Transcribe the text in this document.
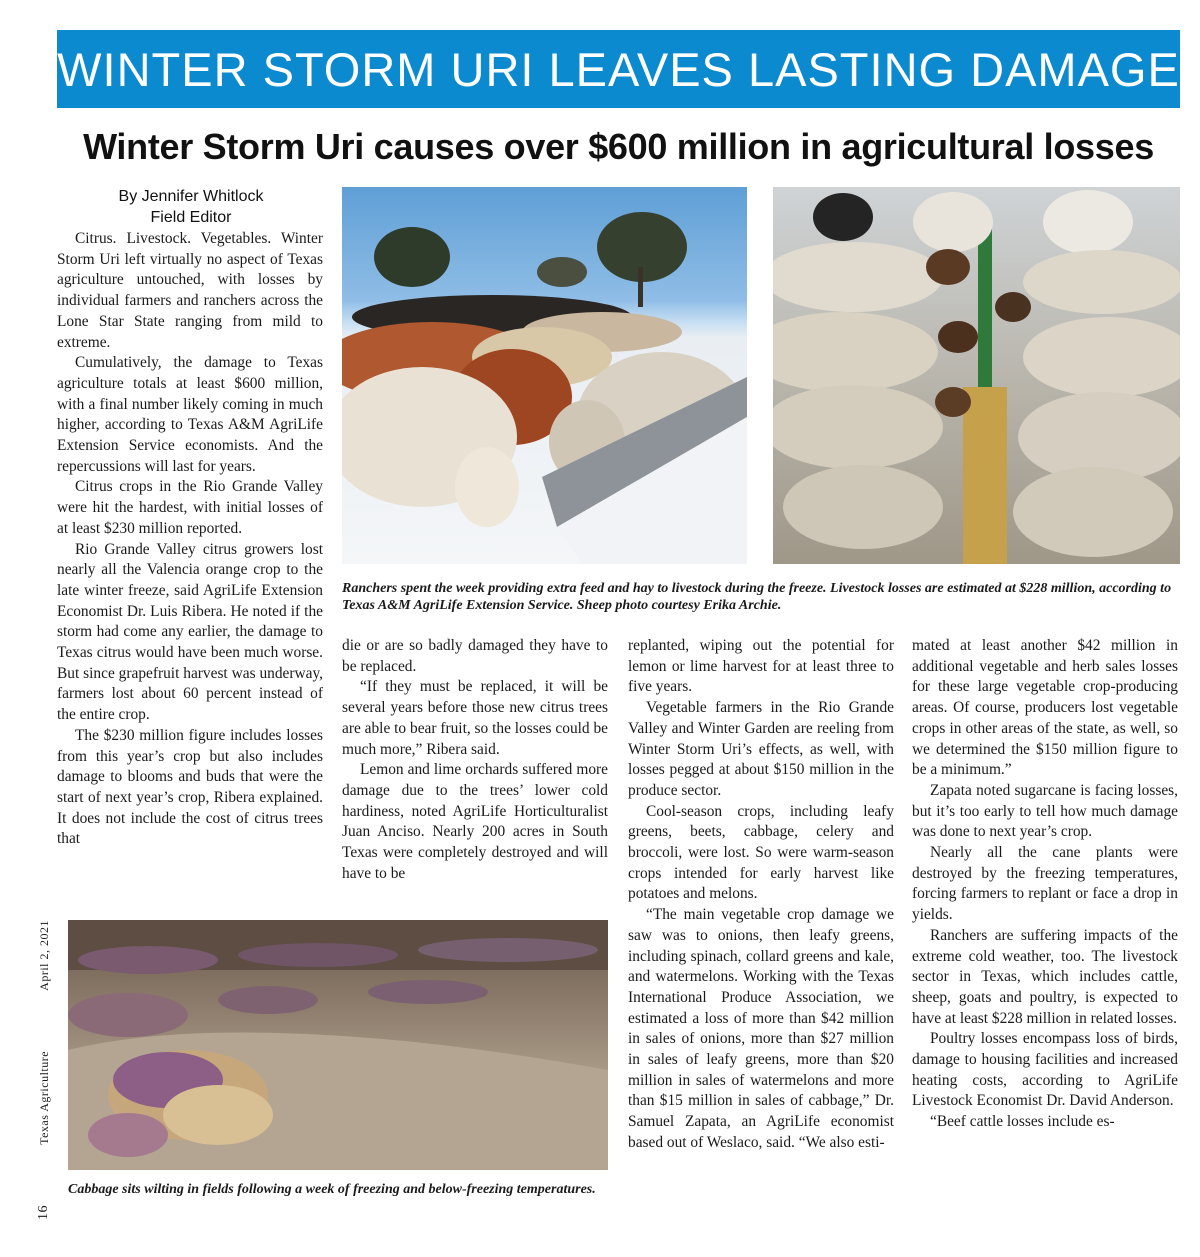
WINTER STORM URI LEAVES LASTING DAMAGE
Winter Storm Uri causes over $600 million in agricultural losses
By Jennifer Whitlock
Field Editor

Citrus. Livestock. Vegetables. Winter Storm Uri left virtually no aspect of Texas agriculture untouched, with losses by individual farmers and ranchers across the Lone Star State ranging from mild to extreme.

Cumulatively, the damage to Texas agriculture totals at least $600 million, with a final number likely coming in much higher, according to Texas A&M AgriLife Extension Service economists. And the repercussions will last for years.

Citrus crops in the Rio Grande Valley were hit the hardest, with initial losses of at least $230 million reported.

Rio Grande Valley citrus growers lost nearly all the Valencia orange crop to the late winter freeze, said AgriLife Extension Economist Dr. Luis Ribera. He noted if the storm had come any earlier, the damage to Texas citrus would have been much worse. But since grapefruit harvest was underway, farmers lost about 60 percent instead of the entire crop.

The $230 million figure includes losses from this year’s crop but also includes damage to blooms and buds that were the start of next year’s crop, Ribera explained. It does not include the cost of citrus trees that

die or are so badly damaged they have to be replaced.

“If they must be replaced, it will be several years before those new citrus trees are able to bear fruit, so the losses could be much more,” Ribera said.

Lemon and lime orchards suffered more damage due to the trees’ lower cold hardiness, noted AgriLife Horticulturalist Juan Anciso. Nearly 200 acres in South Texas were completely destroyed and will have to be

replanted, wiping out the potential for lemon or lime harvest for at least three to five years.

Vegetable farmers in the Rio Grande Valley and Winter Garden are reeling from Winter Storm Uri’s effects, as well, with losses pegged at about $150 million in the produce sector.

Cool-season crops, including leafy greens, beets, cabbage, celery and broccoli, were lost. So were warm-season crops intended for early harvest like potatoes and melons.

“The main vegetable crop damage we saw was to onions, then leafy greens, including spinach, collard greens and kale, and watermelons. Working with the Texas International Produce Association, we estimated a loss of more than $42 million in sales of onions, more than $27 million in sales of leafy greens, more than $20 million in sales of watermelons and more than $15 million in sales of cabbage,” Dr. Samuel Zapata, an AgriLife economist based out of Weslaco, said. “We also esti-

mated at least another $42 million in additional vegetable and herb sales losses for these large vegetable crop-producing areas. Of course, producers lost vegetable crops in other areas of the state, as well, so we determined the $150 million figure to be a minimum.”

Zapata noted sugarcane is facing losses, but it’s too early to tell how much damage was done to next year’s crop.

Nearly all the cane plants were destroyed by the freezing temperatures, forcing farmers to replant or face a drop in yields.

Ranchers are suffering impacts of the extreme cold weather, too. The livestock sector in Texas, which includes cattle, sheep, goats and poultry, is expected to have at least $228 million in related losses.

Poultry losses encompass loss of birds, damage to housing facilities and increased heating costs, according to AgriLife Livestock Economist Dr. David Anderson.

“Beef cattle losses include es-

Ranchers spent the week providing extra feed and hay to livestock during the freeze. Livestock losses are estimated at $228 million, according to Texas A&M AgriLife Extension Service. Sheep photo courtesy Erika Archie.

Cabbage sits wilting in fields following a week of freezing and below-freezing temperatures.

16
Texas Agriculture
April 2, 2021
